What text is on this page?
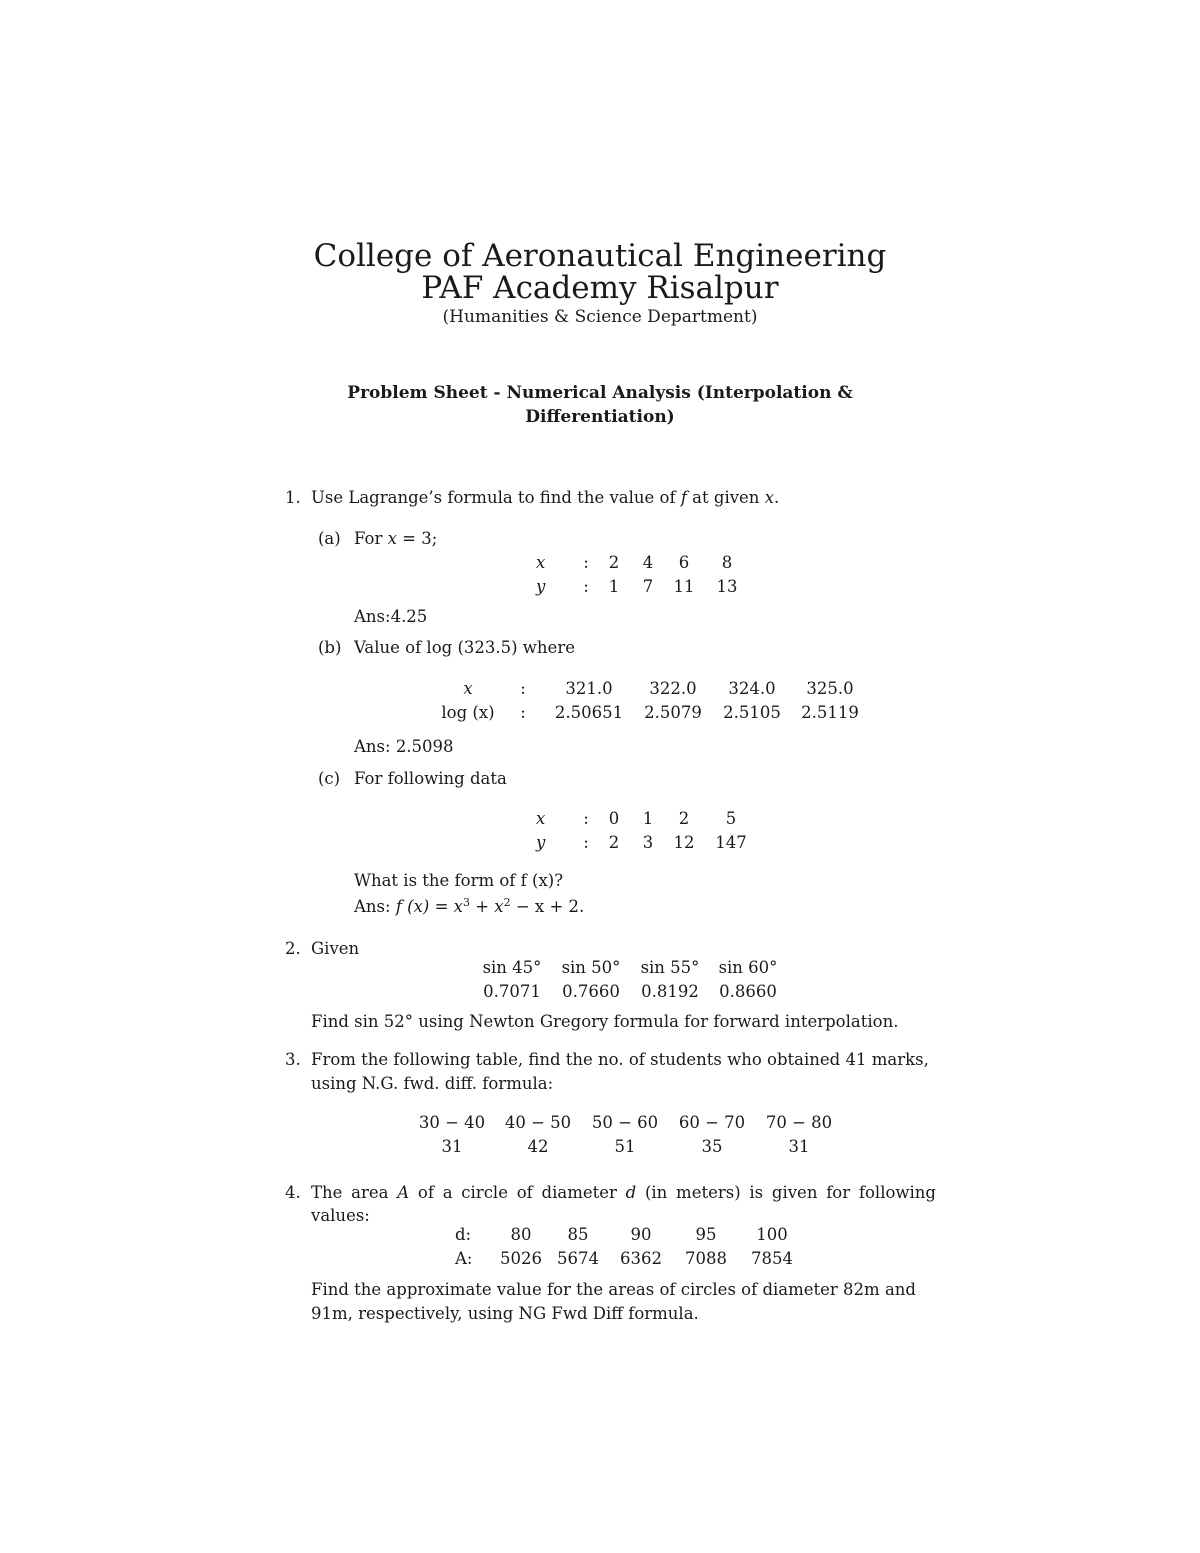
College of Aeronautical Engineering
PAF Academy Risalpur
(Humanities & Science Department)
Problem Sheet - Numerical Analysis (Interpolation &
Differentiation)
1. Use Lagrange’s formula to find the value of f at given x.
(a) For x = 3;
x	:	2	4	6	8
y	:	1	7	11	13
Ans:4.25
(b) Value of log (323.5) where
x	:	321.0	322.0	324.0	325.0
log (x)	:	2.50651	2.5079	2.5105	2.5119
Ans: 2.5098
(c) For following data
x	:	0	1	2	5
y	:	2	3	12	147
What is the form of f (x)?
Ans: f $(x) = x^3 + x^2 - x + 2$.
2. Given
sin 45°	sin 50°	sin 55°	sin 60°
0.7071	0.7660	0.8192	0.8660
Find sin 52° using Newton Gregory formula for forward interpolation.
3. From the following table, find the no. of students who obtained 41 marks,
using N.G. fwd. diff. formula:
30 − 40	40 − 50	50 − 60	60 − 70	70 − 80
31	42	51	35	31
4. The area A of a circle of diameter d (in meters) is given for following
values:
d:	80	85	90	95	100
A:	5026	5674	6362	7088	7854
Find the approximate value for the areas of circles of diameter 82m and
91m, respectively, using NG Fwd Diff formula.
